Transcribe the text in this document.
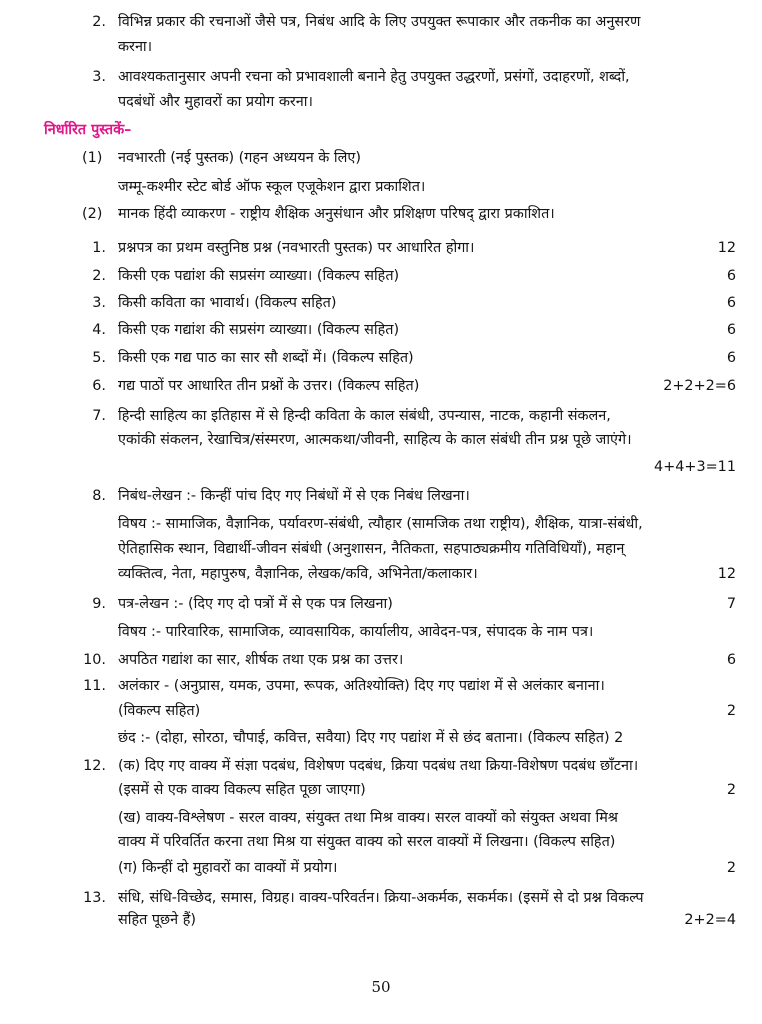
2. विभिन्न प्रकार की रचनाओं जैसे पत्र, निबंध आदि के लिए उपयुक्त रूपाकार और तकनीक का अनुसरण
करना।
3. आवश्यकतानुसार अपनी रचना को प्रभावशाली बनाने हेतु उपयुक्त उद्धरणों, प्रसंगों, उदाहरणों, शब्दों,
पदबंधों और मुहावरों का प्रयोग करना।
निर्धारित पुस्तकें–
(1) नवभारती (नई पुस्तक) (गहन अध्ययन के लिए)
जम्मू-कश्मीर स्टेट बोर्ड ऑफ स्कूल एजूकेशन द्वारा प्रकाशित।
(2) मानक हिंदी व्याकरण - राष्ट्रीय शैक्षिक अनुसंधान और प्रशिक्षण परिषद् द्वारा प्रकाशित।
1. प्रश्नपत्र का प्रथम वस्तुनिष्ठ प्रश्न (नवभारती पुस्तक) पर आधारित होगा।	12
2. किसी एक पद्यांश की सप्रसंग व्याख्या। (विकल्प सहित)	6
3. किसी कविता का भावार्थ। (विकल्प सहित)	6
4. किसी एक गद्यांश की सप्रसंग व्याख्या। (विकल्प सहित)	6
5. किसी एक गद्य पाठ का सार सौ शब्दों में। (विकल्प सहित)	6
6. गद्य पाठों पर आधारित तीन प्रश्नों के उत्तर। (विकल्प सहित)	2+2+2=6
7. हिन्दी साहित्य का इतिहास में से हिन्दी कविता के काल संबंधी, उपन्यास, नाटक, कहानी संकलन,
एकांकी संकलन, रेखाचित्र/संस्मरण, आत्मकथा/जीवनी, साहित्य के काल संबंधी तीन प्रश्न पूछे जाएंगे।
4+4+3=11
8. निबंध-लेखन :- किन्हीं पांच दिए गए निबंधों में से एक निबंध लिखना।
विषय :- सामाजिक, वैज्ञानिक, पर्यावरण-संबंधी, त्यौहार (सामजिक तथा राष्ट्रीय), शैक्षिक, यात्रा-संबंधी,
ऐतिहासिक स्थान, विद्यार्थी-जीवन संबंधी (अनुशासन, नैतिकता, सहपाठ्यक्रमीय गतिविधियाँ), महान्
व्यक्तित्व, नेता, महापुरुष, वैज्ञानिक, लेखक/कवि, अभिनेता/कलाकार।	12
9. पत्र-लेखन :- (दिए गए दो पत्रों में से एक पत्र लिखना)	7
विषय :- पारिवारिक, सामाजिक, व्यावसायिक, कार्यालीय, आवेदन-पत्र, संपादक के नाम पत्र।
10. अपठित गद्यांश का सार, शीर्षक तथा एक प्रश्न का उत्तर।	6
11. अलंकार - (अनुप्रास, यमक, उपमा, रूपक, अतिश्योक्ति) दिए गए पद्यांश में से अलंकार बनाना।
(विकल्प सहित)	2
छंद :- (दोहा, सोरठा, चौपाई, कवित्त, सवैया) दिए गए पद्यांश में से छंद बताना। (विकल्प सहित) 2
12. (क) दिए गए वाक्य में संज्ञा पदबंध, विशेषण पदबंध, क्रिया पदबंध तथा क्रिया-विशेषण पदबंध छाँटना।
(इसमें से एक वाक्य विकल्प सहित पूछा जाएगा)	2
(ख) वाक्य-विश्लेषण - सरल वाक्य, संयुक्त तथा मिश्र वाक्य। सरल वाक्यों को संयुक्त अथवा मिश्र
वाक्य में परिवर्तित करना तथा मिश्र या संयुक्त वाक्य को सरल वाक्यों में लिखना। (विकल्प सहित)
(ग) किन्हीं दो मुहावरों का वाक्यों में प्रयोग।	2
13. संधि, संधि-विच्छेद, समास, विग्रह। वाक्य-परिवर्तन। क्रिया-अकर्मक, सकर्मक। (इसमें से दो प्रश्न विकल्प
सहित पूछने हैं)	2+2=4
50
